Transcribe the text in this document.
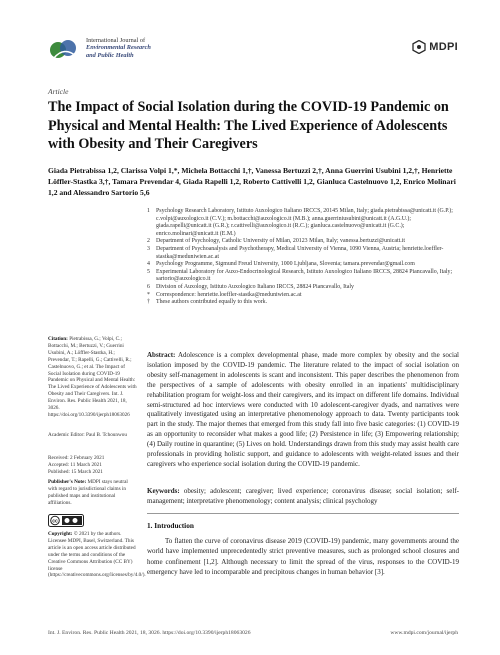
International Journal of
Environmental Research
and Public Health
MDPI
Article
The Impact of Social Isolation during the COVID-19 Pandemic on Physical and Mental Health: The Lived Experience of Adolescents with Obesity and Their Caregivers
Giada Pietrabissa 1,2, Clarissa Volpi 1,*, Michela Bottacchi 1,†, Vanessa Bertuzzi 2,†, Anna Guerrini Usubini 1,2,†, Henriette Löffler-Stastka 3,†, Tamara Prevendar 4, Giada Rapelli 1,2, Roberto Cattivelli 1,2, Gianluca Castelnuovo 1,2, Enrico Molinari 1,2 and Alessandro Sartorio 5,6
1	Psychology Research Laboratory, Istituto Auxologico Italiano IRCCS, 20145 Milan, Italy; giada.pietrabissa@unicatt.it (G.P.); c.volpi@auxologico.it (C.V.); m.bottacchi@auxologico.it (M.B.); anna.guerriniusubini@unicatt.it (A.G.U.); giada.rapelli@unicatt.it (G.R.); r.cattivelli@auxologico.it (R.C.); gianluca.castelnuovo@unicatt.it (G.C.); enrico.molinari@unicatt.it (E.M.)
2	Department of Psychology, Catholic University of Milan, 20123 Milan, Italy; vanessa.bertuzzi@unicatt.it
3	Department of Psychoanalysis and Psychotherapy, Medical University of Vienna, 1090 Vienna, Austria; henriette.loeffler-stastka@meduniwien.ac.at
4	Psychology Programme, Sigmund Freud University, 1000 Ljubljana, Slovenia; tamara.prevendar@gmail.com
5	Experimental Laboratory for Auxo-Endocrinological Research, Istituto Auxologico Italiano IRCCS, 28824 Piancavallo, Italy; sartorio@auxologico.it
6	Division of Auxology, Istituto Auxologico Italiano IRCCS, 28824 Piancavallo, Italy
*	Correspondence: henriette.loeffler-stastka@meduniwien.ac.at
†	These authors contributed equally to this work.
Citation: Pietrabissa, G.; Volpi, C.; Bottacchi, M.; Bertuzzi, V.; Guerrini Usubini, A.; Löffler-Stastka, H.; Prevendar, T.; Rapelli, G.; Cattivelli, R.; Castelnuovo, G.; et al. The Impact of Social Isolation during COVID-19 Pandemic on Physical and Mental Health: The Lived Experience of Adolescents with Obesity and Their Caregivers. Int. J. Environ. Res. Public Health 2021, 18, 3026. https://doi.org/10.3390/ijerph18063026
Academic Editor: Paul B. Tchounwou
Received: 2 February 2021
Accepted: 11 March 2021
Published: 15 March 2021
Publisher's Note: MDPI stays neutral with regard to jurisdictional claims in published maps and institutional affiliations.
cc
Copyright: © 2021 by the authors. Licensee MDPI, Basel, Switzerland. This article is an open access article distributed under the terms and conditions of the Creative Commons Attribution (CC BY) license (https://creativecommons.org/licenses/by/4.0/).
Abstract: Adolescence is a complex developmental phase, made more complex by obesity and the social isolation imposed by the COVID-19 pandemic. The literature related to the impact of social isolation on obesity self-management in adolescents is scant and inconsistent. This paper describes the phenomenon from the perspectives of a sample of adolescents with obesity enrolled in an inpatients' multidisciplinary rehabilitation program for weight-loss and their caregivers, and its impact on different life domains. Individual semi-structured ad hoc interviews were conducted with 10 adolescent-caregiver dyads, and narratives were qualitatively investigated using an interpretative phenomenology approach to data. Twenty participants took part in the study. The major themes that emerged from this study fall into five basic categories: (1) COVID-19 as an opportunity to reconsider what makes a good life; (2) Persistence in life; (3) Empowering relationship; (4) Daily routine in quarantine; (5) Lives on hold. Understandings drawn from this study may assist health care professionals in providing holistic support, and guidance to adolescents with weight-related issues and their caregivers who experience social isolation during the COVID-19 pandemic.
Keywords: obesity; adolescent; caregiver; lived experience; coronavirus disease; social isolation; self-management; interpretative phenomenology; content analysis; clinical psychology
1. Introduction
To flatten the curve of coronavirus disease 2019 (COVID-19) pandemic, many governments around the world have implemented unprecedentedly strict preventive measures, such as prolonged school closures and home confinement [1,2]. Although necessary to limit the spread of the virus, responses to the COVID-19 emergency have led to incomparable and precipitous changes in human behavior [3].
Int. J. Environ. Res. Public Health 2021, 18, 3026. https://doi.org/10.3390/ijerph18063026	www.mdpi.com/journal/ijerph
